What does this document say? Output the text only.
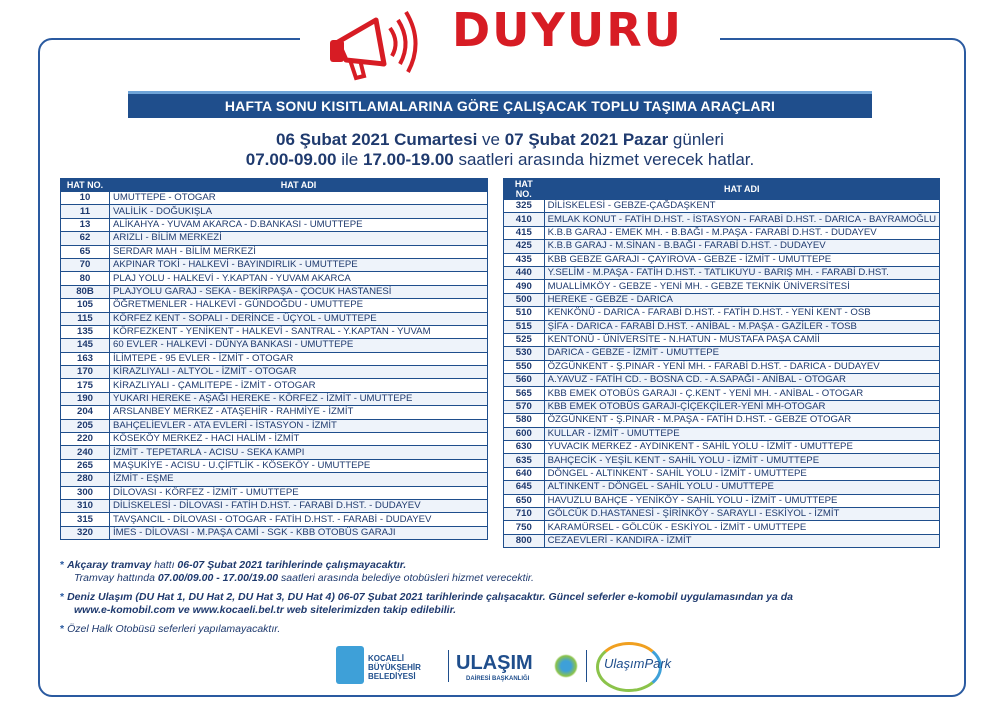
DUYURU
HAFTA SONU KISITLAMALARINA GÖRE ÇALIŞACAK TOPLU TAŞIMA ARAÇLARI
06 Şubat 2021 Cumartesi ve 07 Şubat 2021 Pazar günleri
07.00-09.00 ile 17.00-19.00 saatleri arasında hizmet verecek hatlar.
HAT NO.	HAT ADI
10	UMUTTEPE - OTOGAR
11	VALİLİK - DOĞUKIŞLA
13	ALİKAHYA - YUVAM AKARCA - D.BANKASI - UMUTTEPE
62	ARIZLI - BİLİM MERKEZİ
65	SERDAR MAH - BİLİM MERKEZİ
70	AKPINAR TOKİ - HALKEVİ - BAYINDIRLIK - UMUTTEPE
80	PLAJ YOLU - HALKEVİ - Y.KAPTAN - YUVAM AKARCA
80B	PLAJYOLU GARAJ - SEKA - BEKİRPAŞA - ÇOCUK HASTANESİ
105	ÖĞRETMENLER - HALKEVİ - GÜNDOĞDU - UMUTTEPE
115	KÖRFEZ KENT - SOPALI - DERİNCE - ÜÇYOL - UMUTTEPE
135	KÖRFEZKENT - YENİKENT - HALKEVİ - SANTRAL - Y.KAPTAN - YUVAM
145	60 EVLER - HALKEVİ - DÜNYA BANKASI - UMUTTEPE
163	İLİMTEPE - 95 EVLER - İZMİT - OTOGAR
170	KİRAZLIYALI - ALTYOL - İZMİT - OTOGAR
175	KİRAZLIYALI - ÇAMLITEPE - İZMİT - OTOGAR
190	YUKARI HEREKE - AŞAĞI HEREKE - KÖRFEZ - İZMİT - UMUTTEPE
204	ARSLANBEY MERKEZ - ATAŞEHİR - RAHMİYE - İZMİT
205	BAHÇELİEVLER - ATA EVLERİ - İSTASYON - İZMİT
220	KÖSEKÖY MERKEZ - HACI HALİM - İZMİT
240	İZMİT - TEPETARLA - ACISU - SEKA KAMPI
265	MAŞUKİYE - ACISU - U.ÇİFTLİK - KÖSEKÖY - UMUTTEPE
280	İZMİT - EŞME
300	DİLOVASI - KÖRFEZ - İZMİT - UMUTTEPE
310	DİLİSKELESİ - DİLOVASI - FATİH D.HST. - FARABİ D.HST. - DUDAYEV
315	TAVŞANCIL - DİLOVASI - OTOGAR - FATİH D.HST. - FARABİ - DUDAYEV
320	İMES - DİLOVASI - M.PAŞA CAMİ - SGK - KBB OTOBÜS GARAJI
HAT NO.	HAT ADI
325	DİLİSKELESİ - GEBZE-ÇAĞDAŞKENT
410	EMLAK KONUT - FATİH D.HST. - İSTASYON - FARABİ D.HST. - DARICA - BAYRAMOĞLU
415	K.B.B GARAJ - EMEK MH. - B.BAĞI - M.PAŞA - FARABİ D.HST. - DUDAYEV
425	K.B.B GARAJ - M.SİNAN - B.BAĞI - FARABİ D.HST. - DUDAYEV
435	KBB GEBZE GARAJI - ÇAYIROVA - GEBZE - İZMİT - UMUTTEPE
440	Y.SELİM - M.PAŞA - FATİH D.HST. - TATLIKUYU - BARIŞ MH. - FARABİ D.HST.
490	MUALLİMKÖY - GEBZE - YENİ MH. - GEBZE TEKNİK ÜNİVERSİTESİ
500	HEREKE - GEBZE - DARICA
510	KENKÖNÜ - DARICA - FARABİ D.HST. - FATİH D.HST. - YENİ KENT - OSB
515	ŞİFA - DARICA - FARABİ D.HST. - ANİBAL - M.PAŞA - GAZİLER - TOSB
525	KENTONÜ - ÜNİVERSİTE - N.HATUN - MUSTAFA PAŞA CAMİİ
530	DARICA - GEBZE - İZMİT - UMUTTEPE
550	ÖZGÜNKENT - Ş.PINAR - YENİ MH. - FARABİ D.HST. - DARICA - DUDAYEV
560	A.YAVUZ - FATİH CD. - BOSNA CD. - A.SAPAĞI - ANİBAL - OTOGAR
565	KBB EMEK OTOBÜS GARAJI - Ç.KENT - YENİ MH. - ANİBAL - OTOGAR
570	KBB EMEK OTOBÜS GARAJI-ÇİÇEKÇİLER-YENİ MH-OTOGAR
580	ÖZGÜNKENT - Ş.PINAR - M.PAŞA - FATİH D.HST. - GEBZE OTOGAR
600	KULLAR - İZMİT - UMUTTEPE
630	YUVACIK MERKEZ - AYDINKENT - SAHİL YOLU - İZMİT - UMUTTEPE
635	BAHÇECİK - YEŞİL KENT - SAHİL YOLU - İZMİT - UMUTTEPE
640	DÖNGEL - ALTINKENT - SAHİL YOLU - İZMİT - UMUTTEPE
645	ALTINKENT - DÖNGEL - SAHİL YOLU - UMUTTEPE
650	HAVUZLU BAHÇE - YENİKÖY - SAHİL YOLU - İZMİT - UMUTTEPE
710	GÖLCÜK D.HASTANESİ - ŞİRİNKÖY - SARAYLI - ESKİYOL - İZMİT
750	KARAMÜRSEL - GÖLCÜK - ESKİYOL - İZMİT - UMUTTEPE
800	CEZAEVLERİ - KANDIRA - İZMİT
* Akçaray tramvay hattı 06-07 Şubat 2021 tarihlerinde çalışmayacaktır.
Tramvay hattında 07.00/09.00 - 17.00/19.00 saatleri arasında belediye otobüsleri hizmet verecektir.
* Deniz Ulaşım (DU Hat 1, DU Hat 2, DU Hat 3, DU Hat 4) 06-07 Şubat 2021 tarihlerinde çalışacaktır. Güncel seferler e-komobil uygulamasından ya da
www.e-komobil.com ve www.kocaeli.bel.tr web sitelerimizden takip edilebilir.
* Özel Halk Otobüsü seferleri yapılamayacaktır.
KOCAELİ
BÜYÜKŞEHİR
BELEDİYESİ
ULAŞIM
DAİRESİ BAŞKANLIĞI
UlaşımPark
